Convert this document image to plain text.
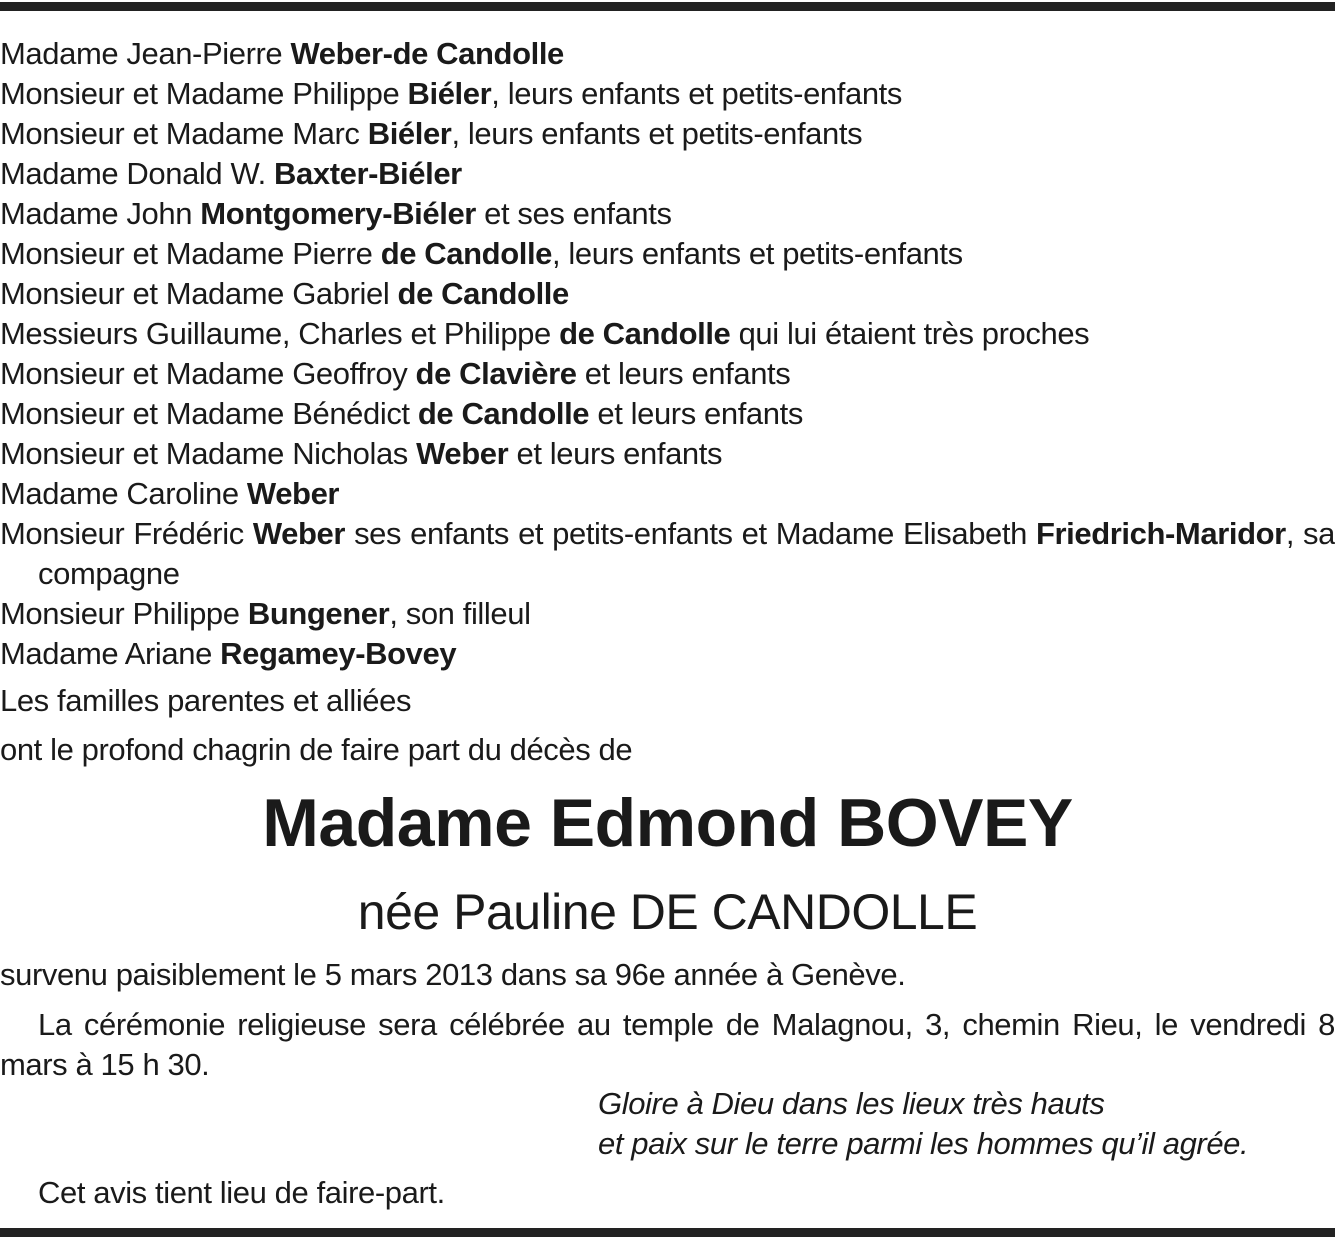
Madame Jean-Pierre Weber-de Candolle
Monsieur et Madame Philippe Biéler, leurs enfants et petits-enfants
Monsieur et Madame Marc Biéler, leurs enfants et petits-enfants
Madame Donald W. Baxter-Biéler
Madame John Montgomery-Biéler et ses enfants
Monsieur et Madame Pierre de Candolle, leurs enfants et petits-enfants
Monsieur et Madame Gabriel de Candolle
Messieurs Guillaume, Charles et Philippe de Candolle qui lui étaient très proches
Monsieur et Madame Geoffroy de Clavière et leurs enfants
Monsieur et Madame Bénédict de Candolle et leurs enfants
Monsieur et Madame Nicholas Weber et leurs enfants
Madame Caroline Weber
Monsieur Frédéric Weber ses enfants et petits-enfants et Madame Elisabeth Friedrich-Maridor, sa compagne
Monsieur Philippe Bungener, son filleul
Madame Ariane Regamey-Bovey
Les familles parentes et alliées
ont le profond chagrin de faire part du décès de
Madame Edmond BOVEY
née Pauline DE CANDOLLE
survenu paisiblement le 5 mars 2013 dans sa 96e année à Genève.
La cérémonie religieuse sera célébrée au temple de Malagnou, 3, chemin Rieu, le vendredi 8 mars à 15 h 30.
Gloire à Dieu dans les lieux très hauts
et paix sur le terre parmi les hommes qu’il agrée.
Cet avis tient lieu de faire-part.
